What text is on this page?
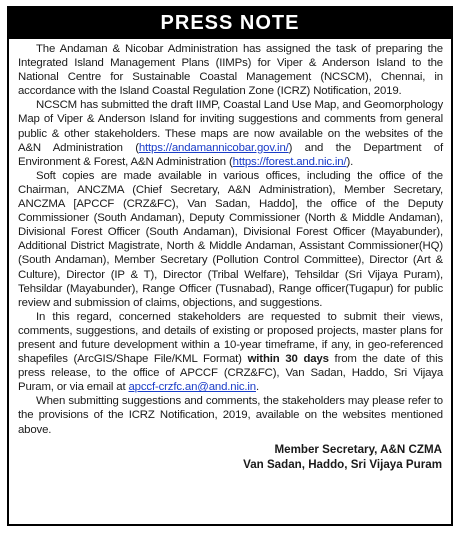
PRESS NOTE

The Andaman & Nicobar Administration has assigned the task of preparing the Integrated Island Management Plans (IIMPs) for Viper & Anderson Island to the National Centre for Sustainable Coastal Management (NCSCM), Chennai, in accordance with the Island Coastal Regulation Zone (ICRZ) Notification, 2019.

NCSCM has submitted the draft IIMP, Coastal Land Use Map, and Geomorphology Map of Viper & Anderson Island for inviting suggestions and comments from general public & other stakeholders. These maps are now available on the websites of the A&N Administration (https://andamannicobar.gov.in/) and the Department of Environment & Forest, A&N Administration (https://forest.and.nic.in/).

Soft copies are made available in various offices, including the office of the Chairman, ANCZMA (Chief Secretary, A&N Administration), Member Secretary, ANCZMA [APCCF (CRZ&FC), Van Sadan, Haddo], the office of the Deputy Commissioner (South Andaman), Deputy Commissioner (North & Middle Andaman), Divisional Forest Officer (South Andaman), Divisional Forest Officer (Mayabunder), Additional District Magistrate, North & Middle Andaman, Assistant Commissioner(HQ) (South Andaman), Member Secretary (Pollution Control Committee), Director (Art & Culture), Director (IP & T), Director (Tribal Welfare), Tehsildar (Sri Vijaya Puram), Tehsildar (Mayabunder), Range Officer (Tusnabad), Range officer(Tugapur) for public review and submission of claims, objections, and suggestions.

In this regard, concerned stakeholders are requested to submit their views, comments, suggestions, and details of existing or proposed projects, master plans for present and future development within a 10-year timeframe, if any, in geo-referenced shapefiles (ArcGIS/Shape File/KML Format) within 30 days from the date of this press release, to the office of APCCF (CRZ&FC), Van Sadan, Haddo, Sri Vijaya Puram, or via email at apccf-crzfc.an@and.nic.in.

When submitting suggestions and comments, the stakeholders may please refer to the provisions of the ICRZ Notification, 2019, available on the websites mentioned above.

Member Secretary, A&N CZMA
Van Sadan, Haddo, Sri Vijaya Puram
